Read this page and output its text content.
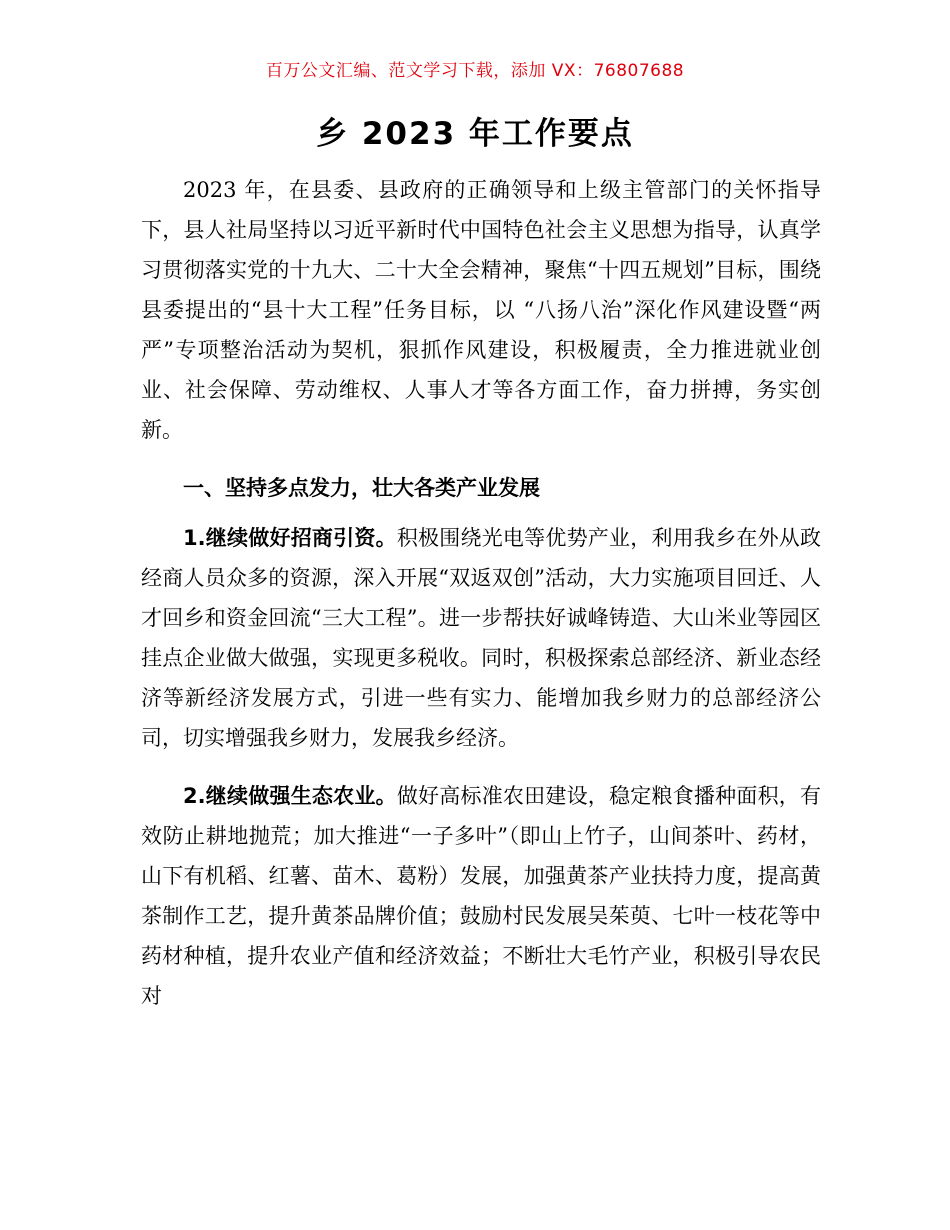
百万公文汇编、范文学习下载，添加 VX：76807688
乡 2023 年工作要点

2023 年，在县委、县政府的正确领导和上级主管部门的关怀指导下，县人社局坚持以习近平新时代中国特色社会主义思想为指导，认真学习贯彻落实党的十九大、二十大全会精神，聚焦“十四五规划”目标，围绕县委提出的“县十大工程”任务目标，以 “八扬八治”深化作风建设暨“两严”专项整治活动为契机，狠抓作风建设，积极履责，全力推进就业创业、社会保障、劳动维权、人事人才等各方面工作，奋力拼搏，务实创新。

一、坚持多点发力，壮大各类产业发展

1.继续做好招商引资。积极围绕光电等优势产业，利用我乡在外从政经商人员众多的资源，深入开展“双返双创”活动，大力实施项目回迁、人才回乡和资金回流“三大工程”。进一步帮扶好诚峰铸造、大山米业等园区挂点企业做大做强，实现更多税收。同时，积极探索总部经济、新业态经济等新经济发展方式，引进一些有实力、能增加我乡财力的总部经济公司，切实增强我乡财力，发展我乡经济。

2.继续做强生态农业。做好高标准农田建设，稳定粮食播种面积，有效防止耕地抛荒；加大推进“一子多叶”（即山上竹子，山间茶叶、药材，山下有机稻、红薯、苗木、葛粉）发展，加强黄茶产业扶持力度，提高黄茶制作工艺，提升黄茶品牌价值；鼓励村民发展吴茱萸、七叶一枝花等中药材种植，提升农业产值和经济效益；不断壮大毛竹产业，积极引导农民对
